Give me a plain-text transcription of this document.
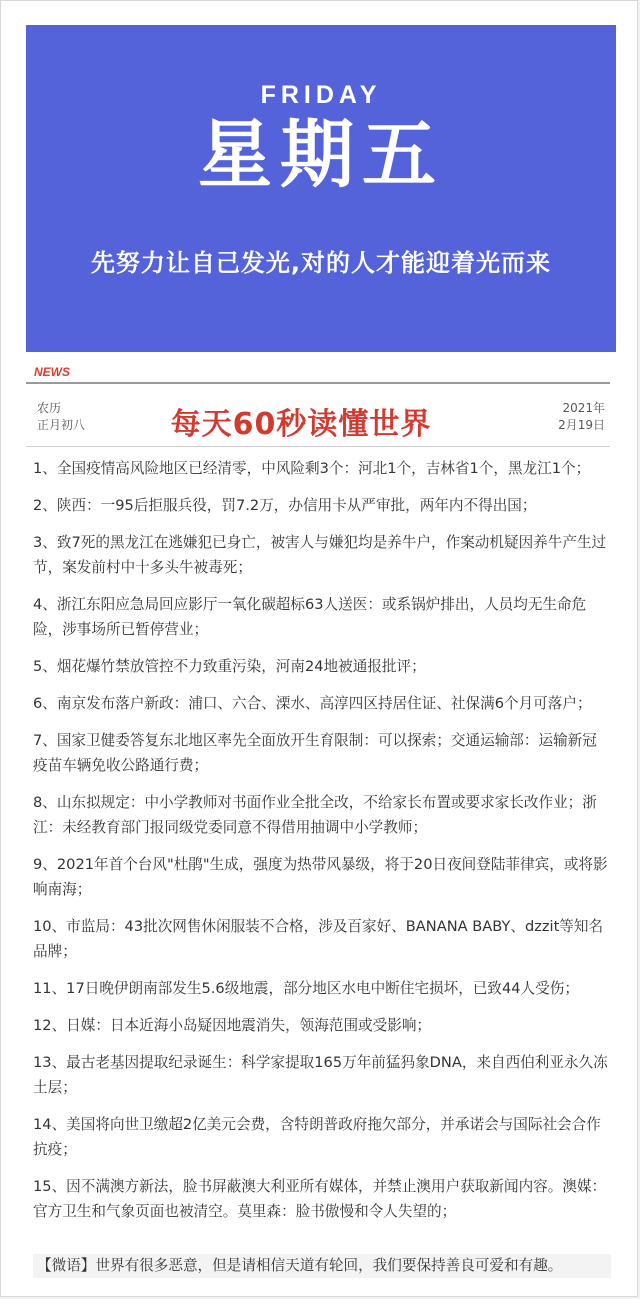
FRIDAY
星期五
先努力让自己发光,对的人才能迎着光而来
NEWS
农历
正月初八	每天60秒读懂世界	2021年
2月19日
1、全国疫情高风险地区已经清零，中风险剩3个：河北1个，吉林省1个，黑龙江1个；
2、陕西：一95后拒服兵役，罚7.2万，办信用卡从严审批，两年内不得出国；
3、致7死的黑龙江在逃嫌犯已身亡，被害人与嫌犯均是养牛户，作案动机疑因养牛产生过节，案发前村中十多头牛被毒死；
4、浙江东阳应急局回应影厅一氧化碳超标63人送医：或系锅炉排出，人员均无生命危险，涉事场所已暂停营业；
5、烟花爆竹禁放管控不力致重污染，河南24地被通报批评；
6、南京发布落户新政：浦口、六合、溧水、高淳四区持居住证、社保满6个月可落户；
7、国家卫健委答复东北地区率先全面放开生育限制：可以探索；交通运输部：运输新冠疫苗车辆免收公路通行费；
8、山东拟规定：中小学教师对书面作业全批全改，不给家长布置或要求家长改作业；浙江：未经教育部门报同级党委同意不得借用抽调中小学教师；
9、2021年首个台风"杜鹃"生成，强度为热带风暴级，将于20日夜间登陆菲律宾，或将影响南海；
10、市监局：43批次网售休闲服装不合格，涉及百家好、BANANA BABY、dzzit等知名品牌；
11、17日晚伊朗南部发生5.6级地震，部分地区水电中断住宅损坏，已致44人受伤；
12、日媒：日本近海小岛疑因地震消失，领海范围或受影响；
13、最古老基因提取纪录诞生：科学家提取165万年前猛犸象DNA，来自西伯利亚永久冻土层；
14、美国将向世卫缴超2亿美元会费，含特朗普政府拖欠部分，并承诺会与国际社会合作抗疫；
15、因不满澳方新法，脸书屏蔽澳大利亚所有媒体，并禁止澳用户获取新闻内容。澳媒：官方卫生和气象页面也被清空。莫里森：脸书傲慢和令人失望的；
【微语】世界有很多恶意，但是请相信天道有轮回，我们要保持善良可爱和有趣。
